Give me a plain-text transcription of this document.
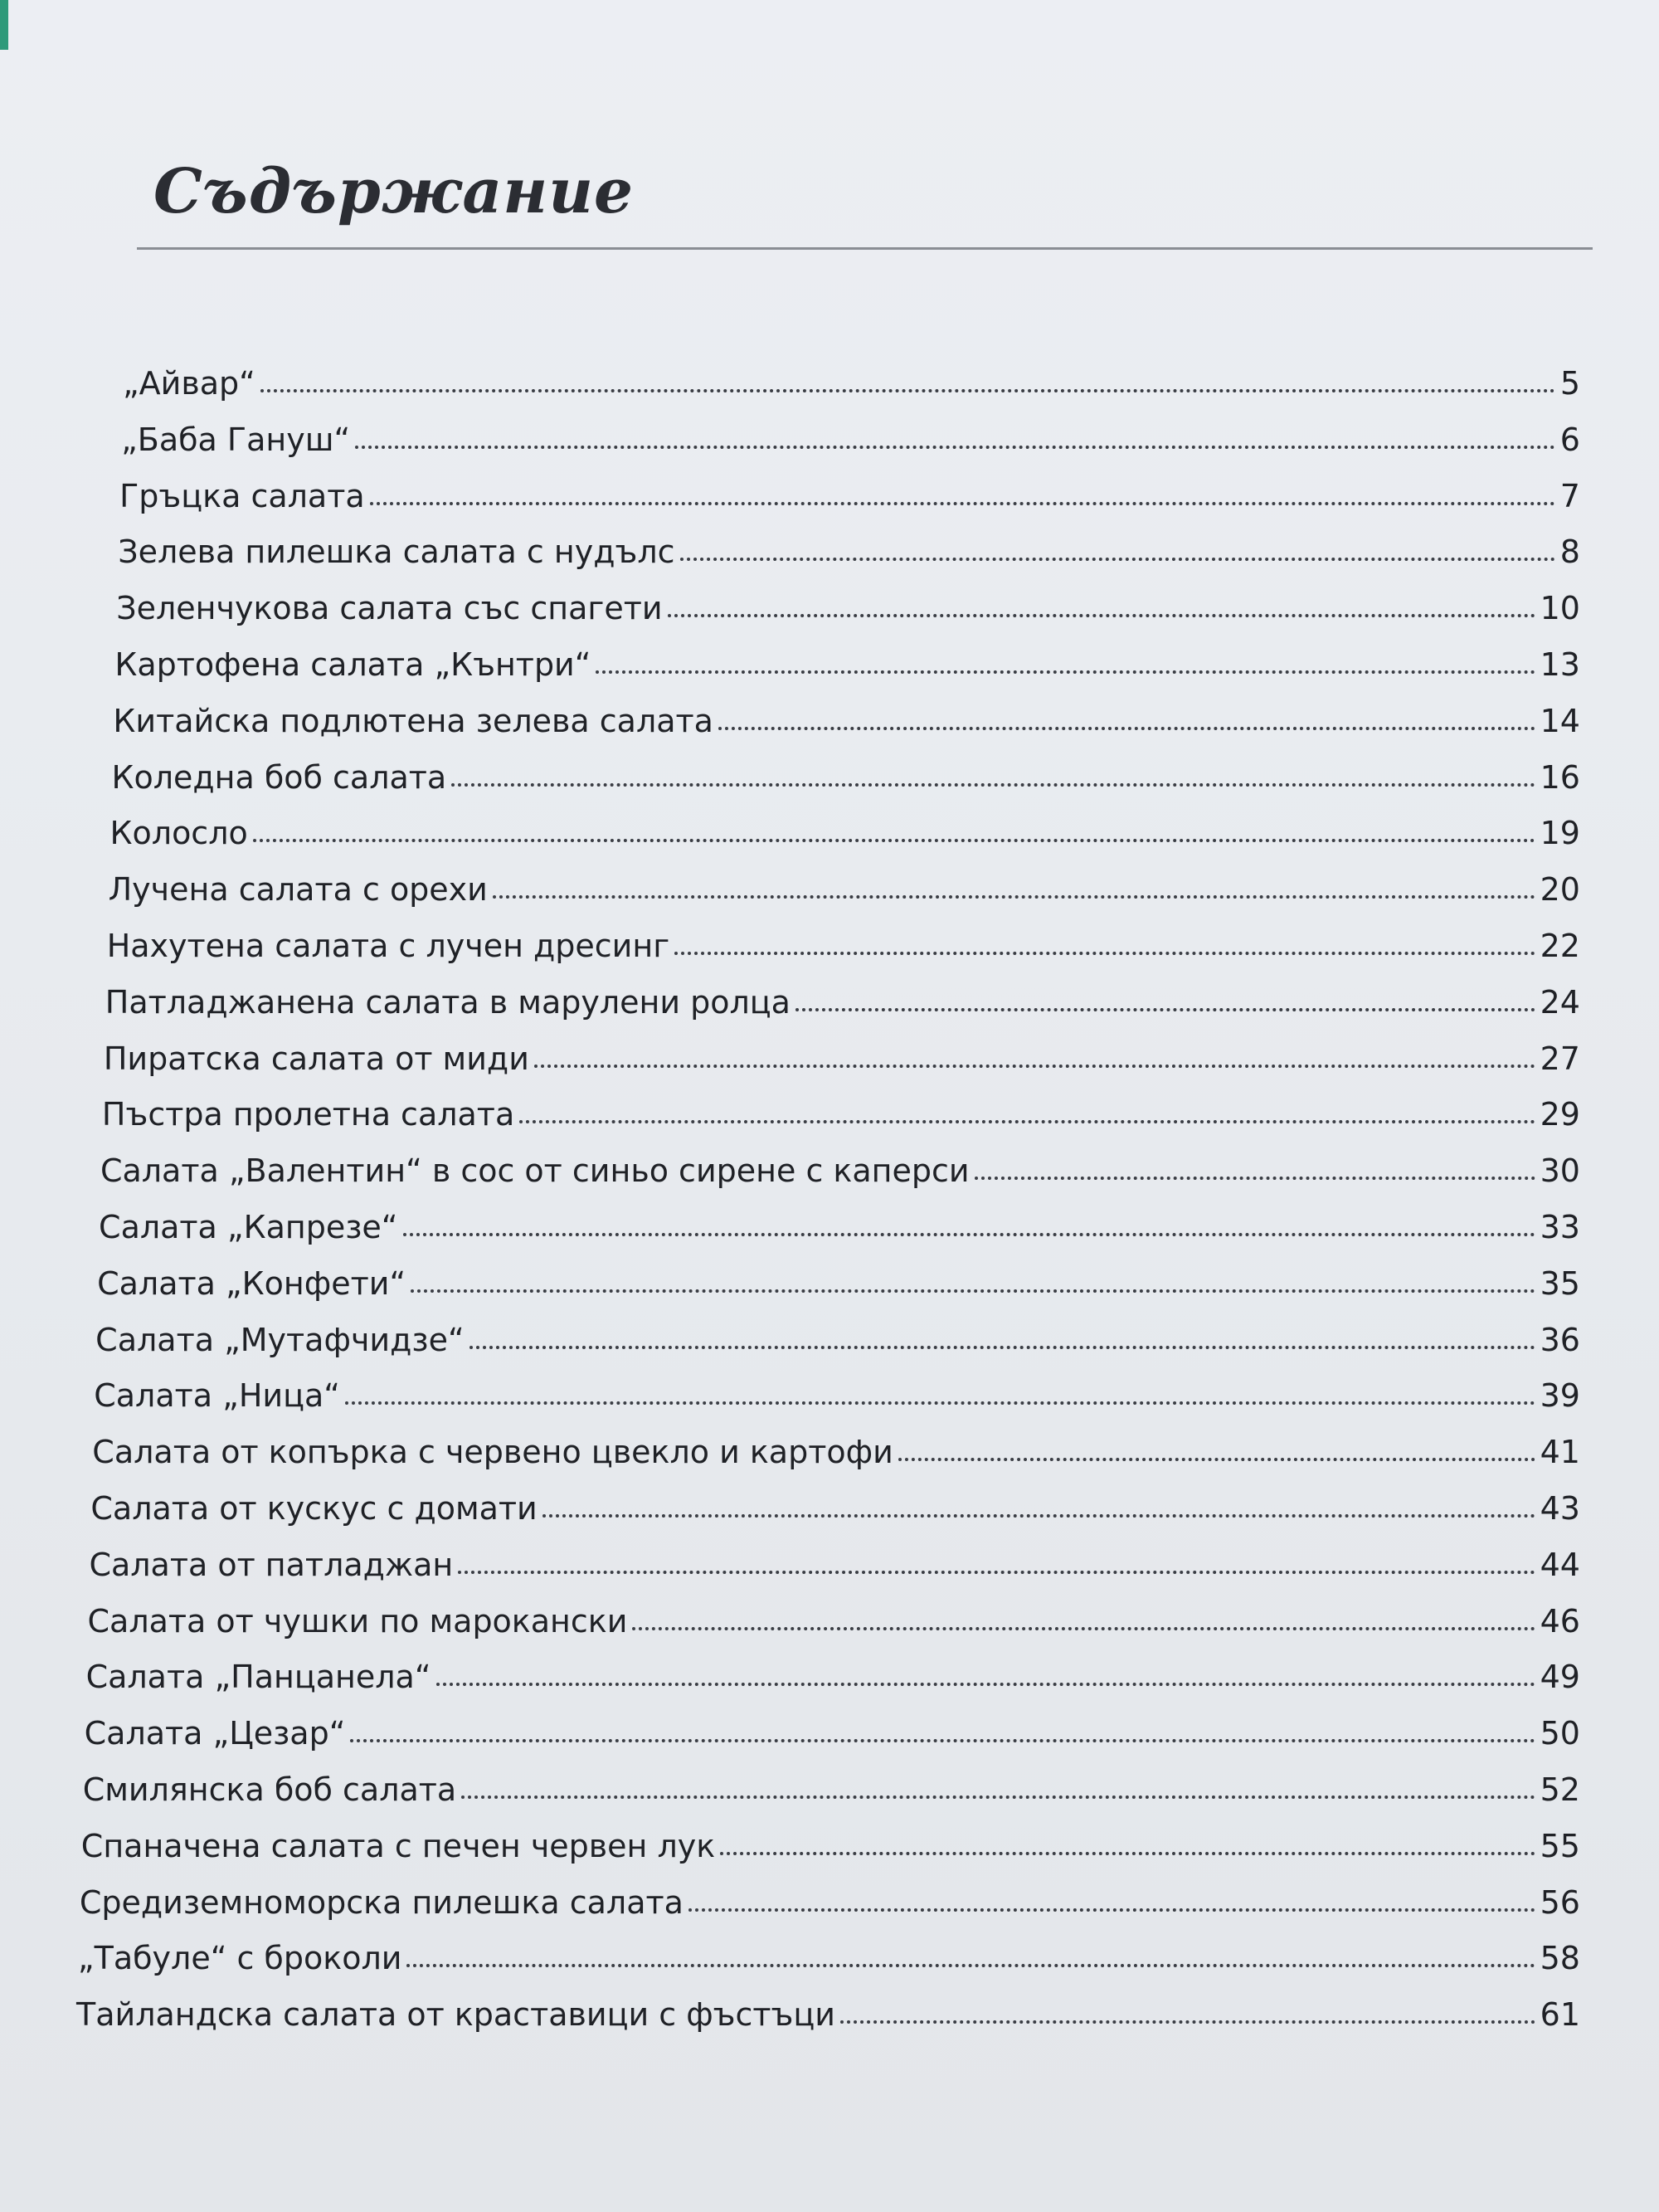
Съдържание
„Айвар“	5
„Баба Гануш“	6
Гръцка салата	7
Зелева пилешка салата с нудълс	8
Зеленчукова салата със спагети	10
Картофена салата „Кънтри“	13
Китайска подлютена зелева салата	14
Коледна боб салата	16
Колосло	19
Лучена салата с орехи	20
Нахутена салата с лучен дресинг	22
Патладжанена салата в марулени ролца	24
Пиратска салата от миди	27
Пъстра пролетна салата	29
Салата „Валентин“ в сос от синьо сирене с каперси	30
Салата „Капрезе“	33
Салата „Конфети“	35
Салата „Мутафчидзе“	36
Салата „Ница“	39
Салата от копърка с червено цвекло и картофи	41
Салата от кускус с домати	43
Салата от патладжан	44
Салата от чушки по марокански	46
Салата „Панцанела“	49
Салата „Цезар“	50
Смилянска боб салата	52
Спаначена салата с печен червен лук	55
Средиземноморска пилешка салата	56
„Табуле“ с броколи	58
Тайландска салата от краставици с фъстъци	61
